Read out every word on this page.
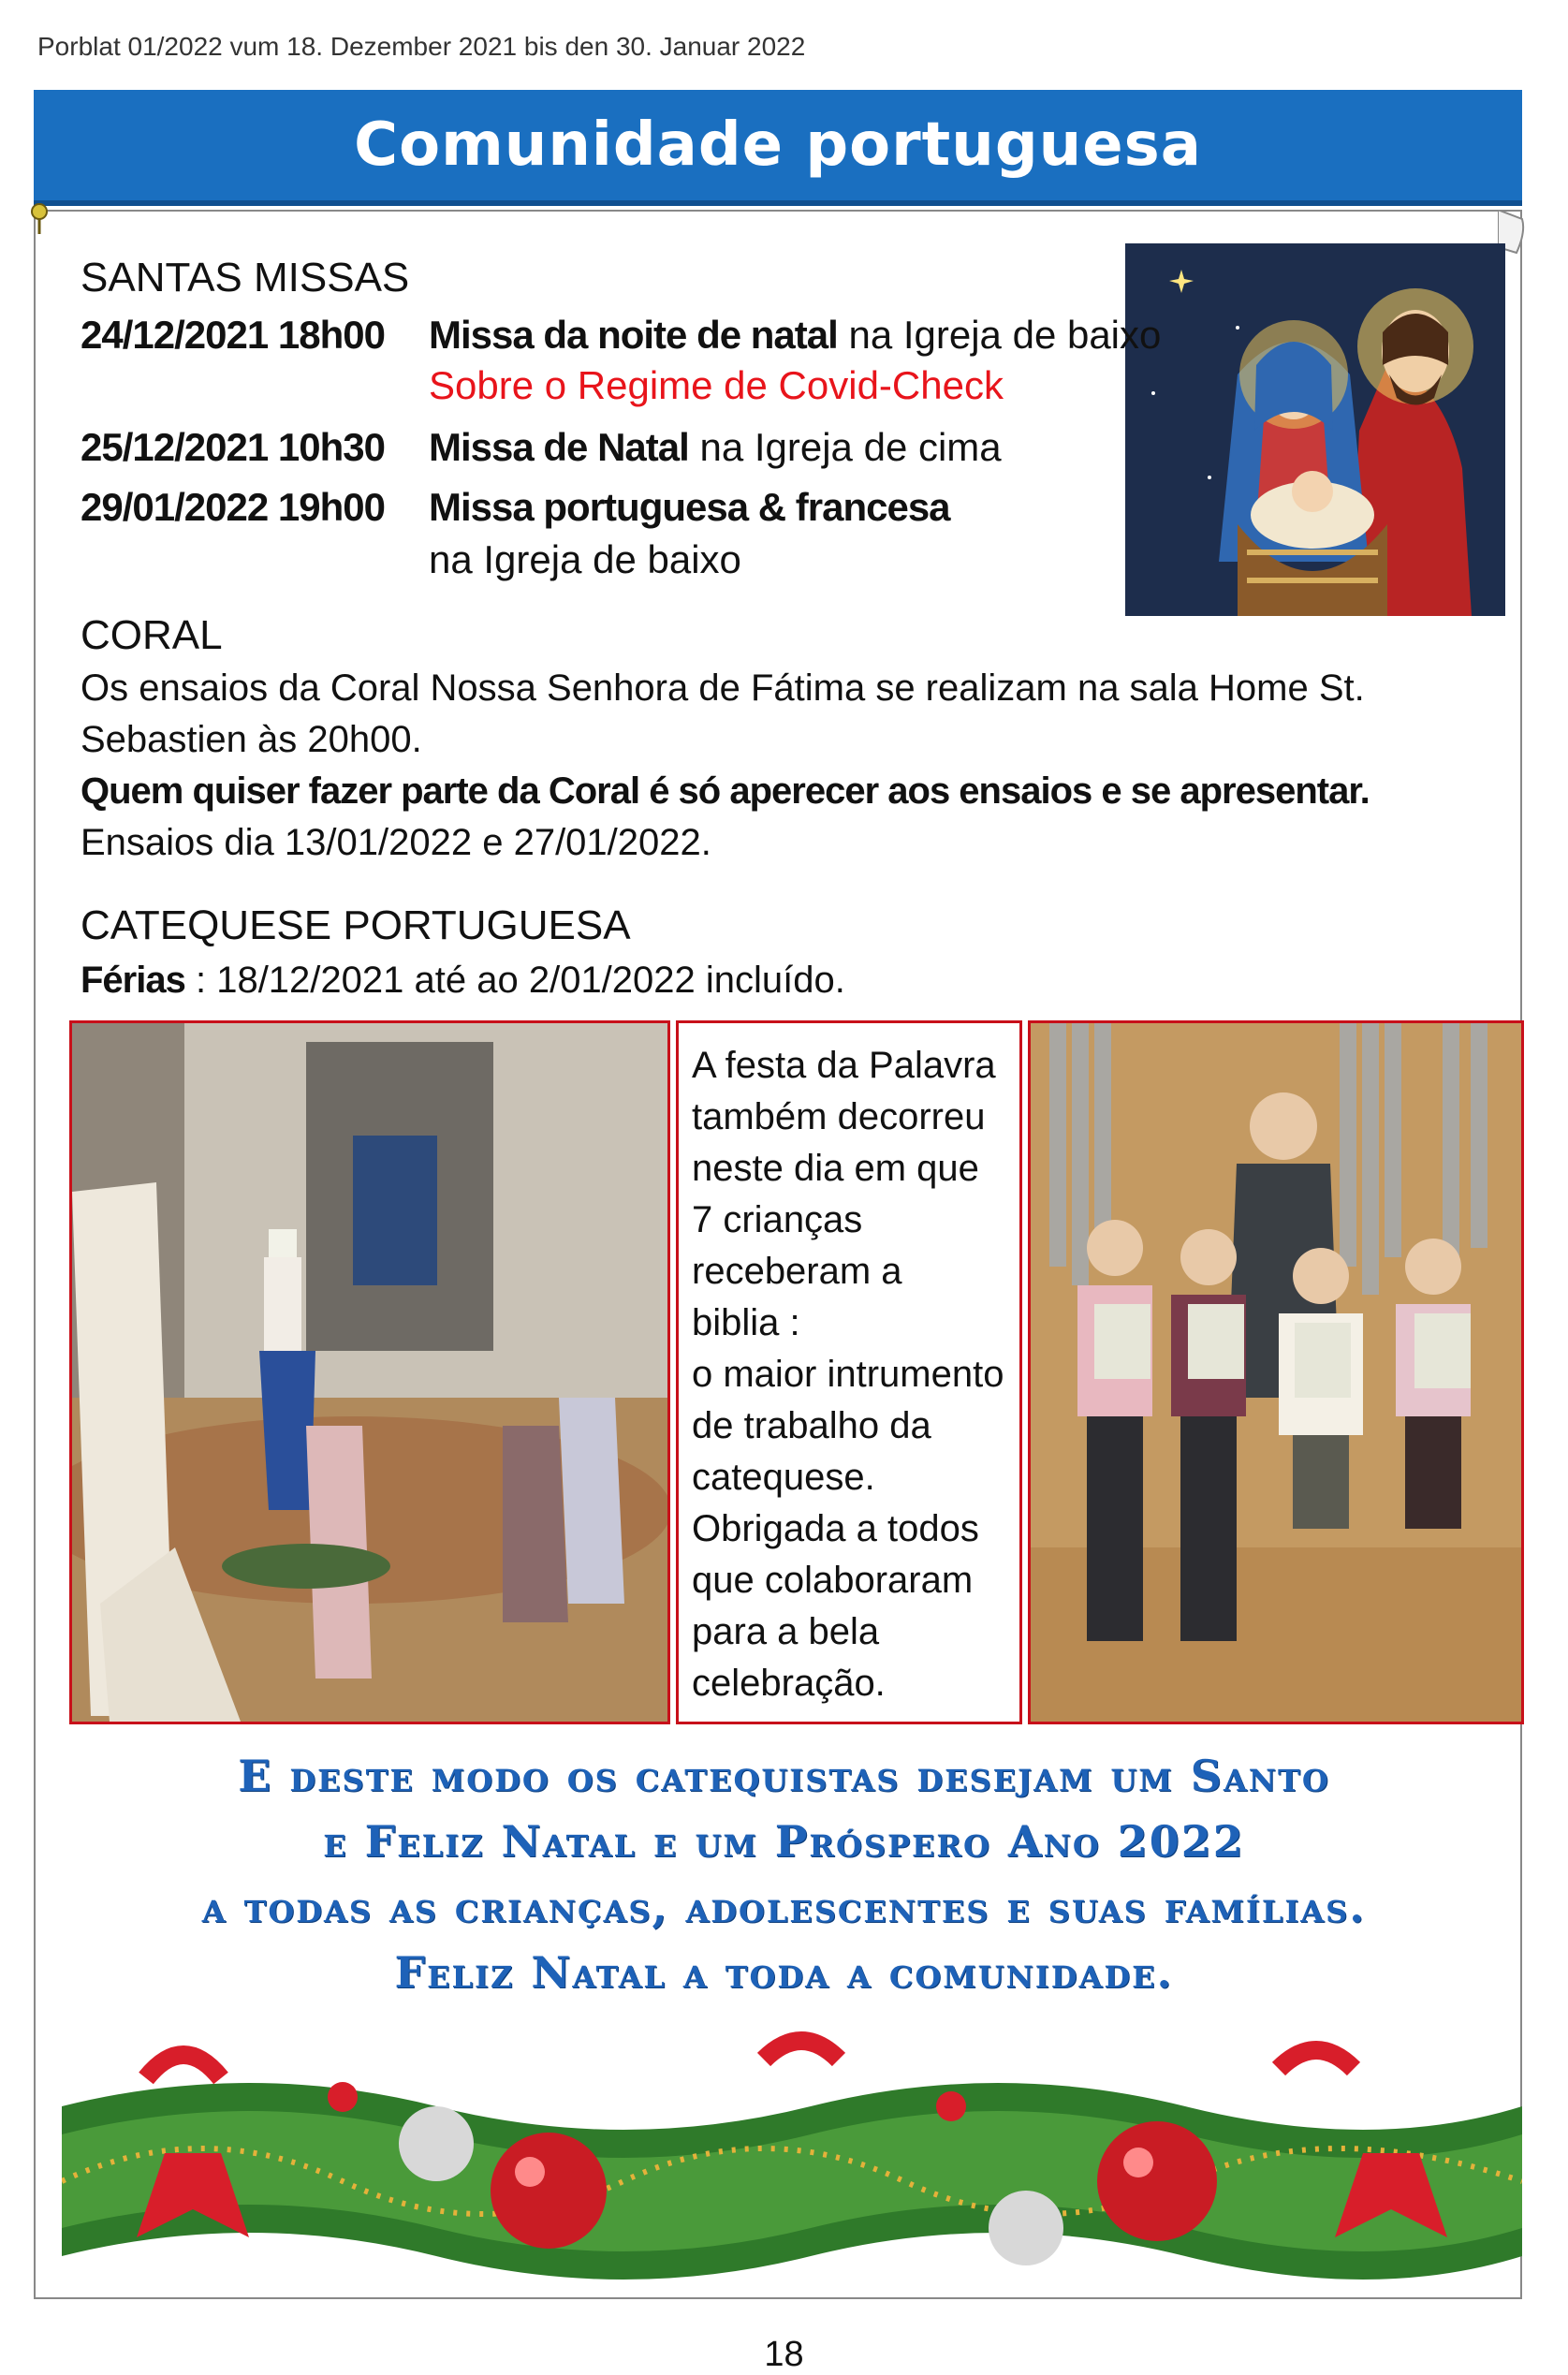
Porblat 01/2022 vum 18. Dezember 2021 bis den 30. Januar 2022
Comunidade portuguesa
SANTAS MISSAS
24/12/2021 18h00 Missa da noite de natal na Igreja de baixo
Sobre o Regime de Covid-Check
25/12/2021 10h30 Missa de Natal na Igreja de cima
29/01/2022 19h00 Missa portuguesa & francesa
na Igreja de baixo
CORAL
Os ensaios da Coral Nossa Senhora de Fátima se realizam na sala Home St.
Sebastien às 20h00.
Quem quiser fazer parte da Coral é só aperecer aos ensaios e se apresentar.
Ensaios dia 13/01/2022 e 27/01/2022.
CATEQUESE PORTUGUESA
Férias : 18/12/2021 até ao 2/01/2022 incluído.
A festa da Palavra
também decorreu
neste dia em que
7 crianças
receberam a
biblia :
o maior intrumento
de trabalho da
catequese.
Obrigada a todos
que colaboraram
para a bela
celebração.
E deste modo os catequistas desejam um Santo
e Feliz Natal e um Próspero Ano 2022
a todas as crianças, adolescentes e suas famílias.
Feliz Natal a toda a comunidade.
18
